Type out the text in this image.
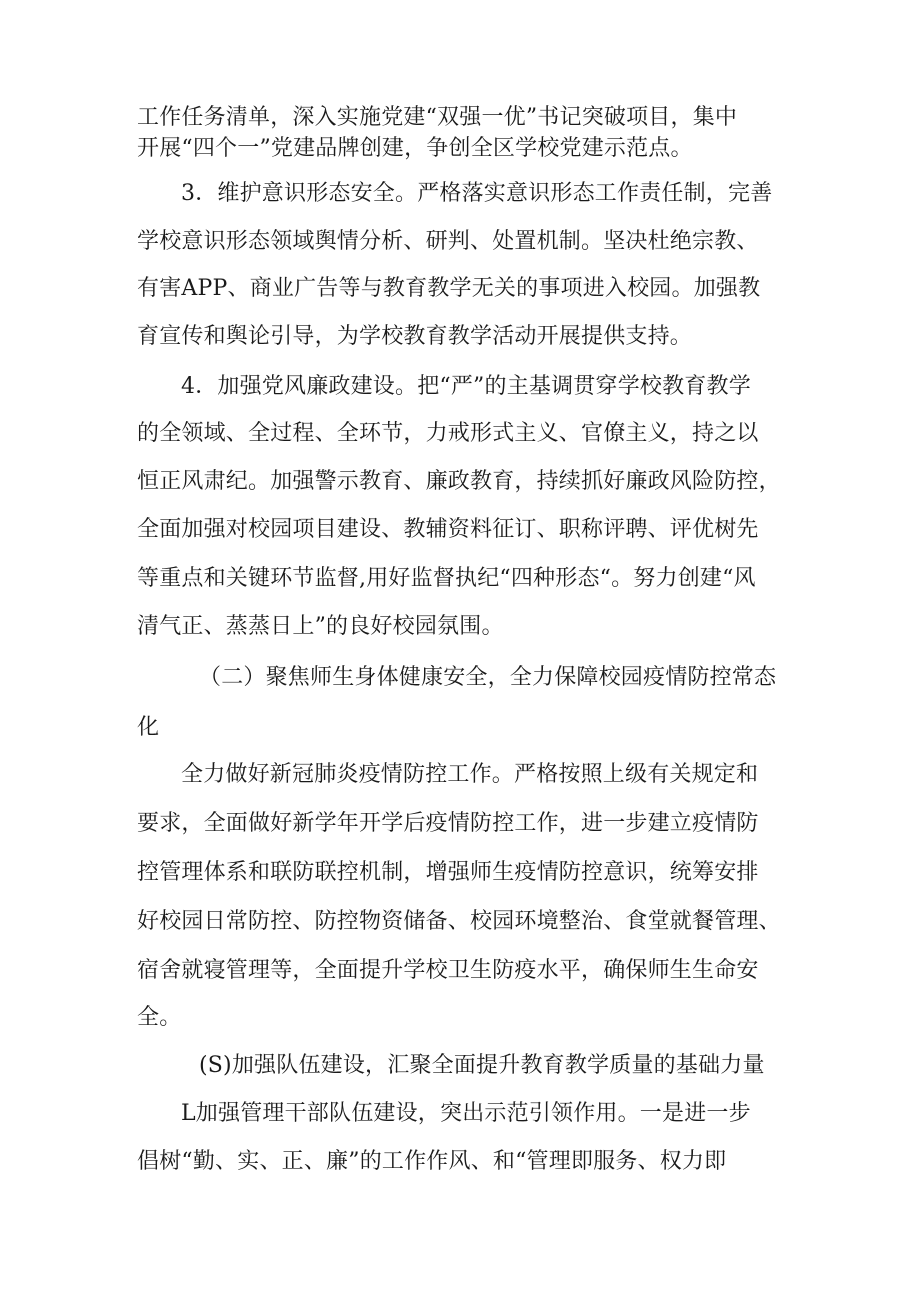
工作任务清单，深入实施党建“双强一优”书记突破项目，集中
开展“四个一”党建品牌创建，争创全区学校党建示范点。
3．维护意识形态安全。严格落实意识形态工作责任制，完善
学校意识形态领域舆情分析、研判、处置机制。坚决杜绝宗教、
有害APP、商业广告等与教育教学无关的事项进入校园。加强教
育宣传和舆论引导，为学校教育教学活动开展提供支持。
4．加强党风廉政建设。把“严”的主基调贯穿学校教育教学
的全领域、全过程、全环节，力戒形式主义、官僚主义，持之以
恒正风肃纪。加强警示教育、廉政教育，持续抓好廉政风险防控，
全面加强对校园项目建设、教辅资料征订、职称评聘、评优树先
等重点和关键环节监督,用好监督执纪“四种形态“。努力创建“风
清气正、蒸蒸日上”的良好校园氛围。
（二）聚焦师生身体健康安全，全力保障校园疫情防控常态
化
全力做好新冠肺炎疫情防控工作。严格按照上级有关规定和
要求，全面做好新学年开学后疫情防控工作，进一步建立疫情防
控管理体系和联防联控机制，增强师生疫情防控意识，统筹安排
好校园日常防控、防控物资储备、校园环境整治、食堂就餐管理、
宿舍就寝管理等，全面提升学校卫生防疫水平，确保师生生命安
全。
(S)加强队伍建设，汇聚全面提升教育教学质量的基础力量
L加强管理干部队伍建设，突出示范引领作用。一是进一步
倡树“勤、实、正、廉”的工作作风、和“管理即服务、权力即
